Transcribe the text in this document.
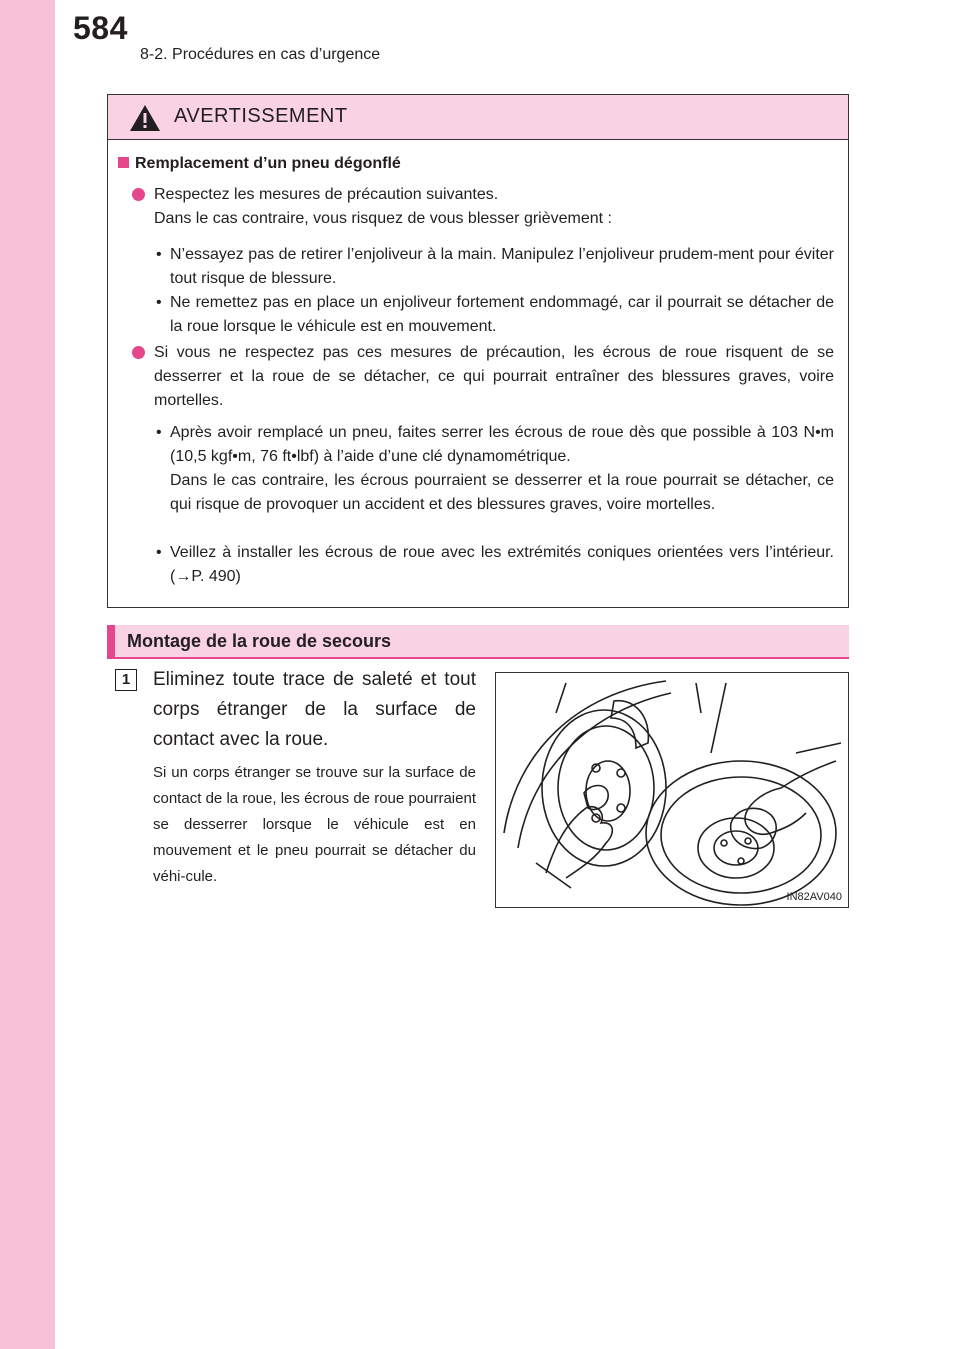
584
8-2. Procédures en cas d’urgence
AVERTISSEMENT
Remplacement d’un pneu dégonflé
Respectez les mesures de précaution suivantes.
Dans le cas contraire, vous risquez de vous blesser grièvement :
• N’essayez pas de retirer l’enjoliveur à la main. Manipulez l’enjoliveur prudem-ment pour éviter tout risque de blessure.
• Ne remettez pas en place un enjoliveur fortement endommagé, car il pourrait se détacher de la roue lorsque le véhicule est en mouvement.
Si vous ne respectez pas ces mesures de précaution, les écrous de roue risquent de se desserrer et la roue de se détacher, ce qui pourrait entraîner des blessures graves, voire mortelles.
• Après avoir remplacé un pneu, faites serrer les écrous de roue dès que possible à 103 N•m (10,5 kgf•m, 76 ft•lbf) à l’aide d’une clé dynamométrique.

Dans le cas contraire, les écrous pourraient se desserrer et la roue pourrait se détacher, ce qui risque de provoquer un accident et des blessures graves, voire mortelles.

• Veillez à installer les écrous de roue avec les extrémités coniques orientées vers l’intérieur. (→P. 490)
Montage de la roue de secours
1	Eliminez toute trace de saleté et tout corps étranger de la surface de contact avec la roue.
Si un corps étranger se trouve sur la surface de contact de la roue, les écrous de roue pourraient se desserrer lorsque le véhicule est en mouvement et le pneu pourrait se détacher du véhi-cule.
IN82AV040
